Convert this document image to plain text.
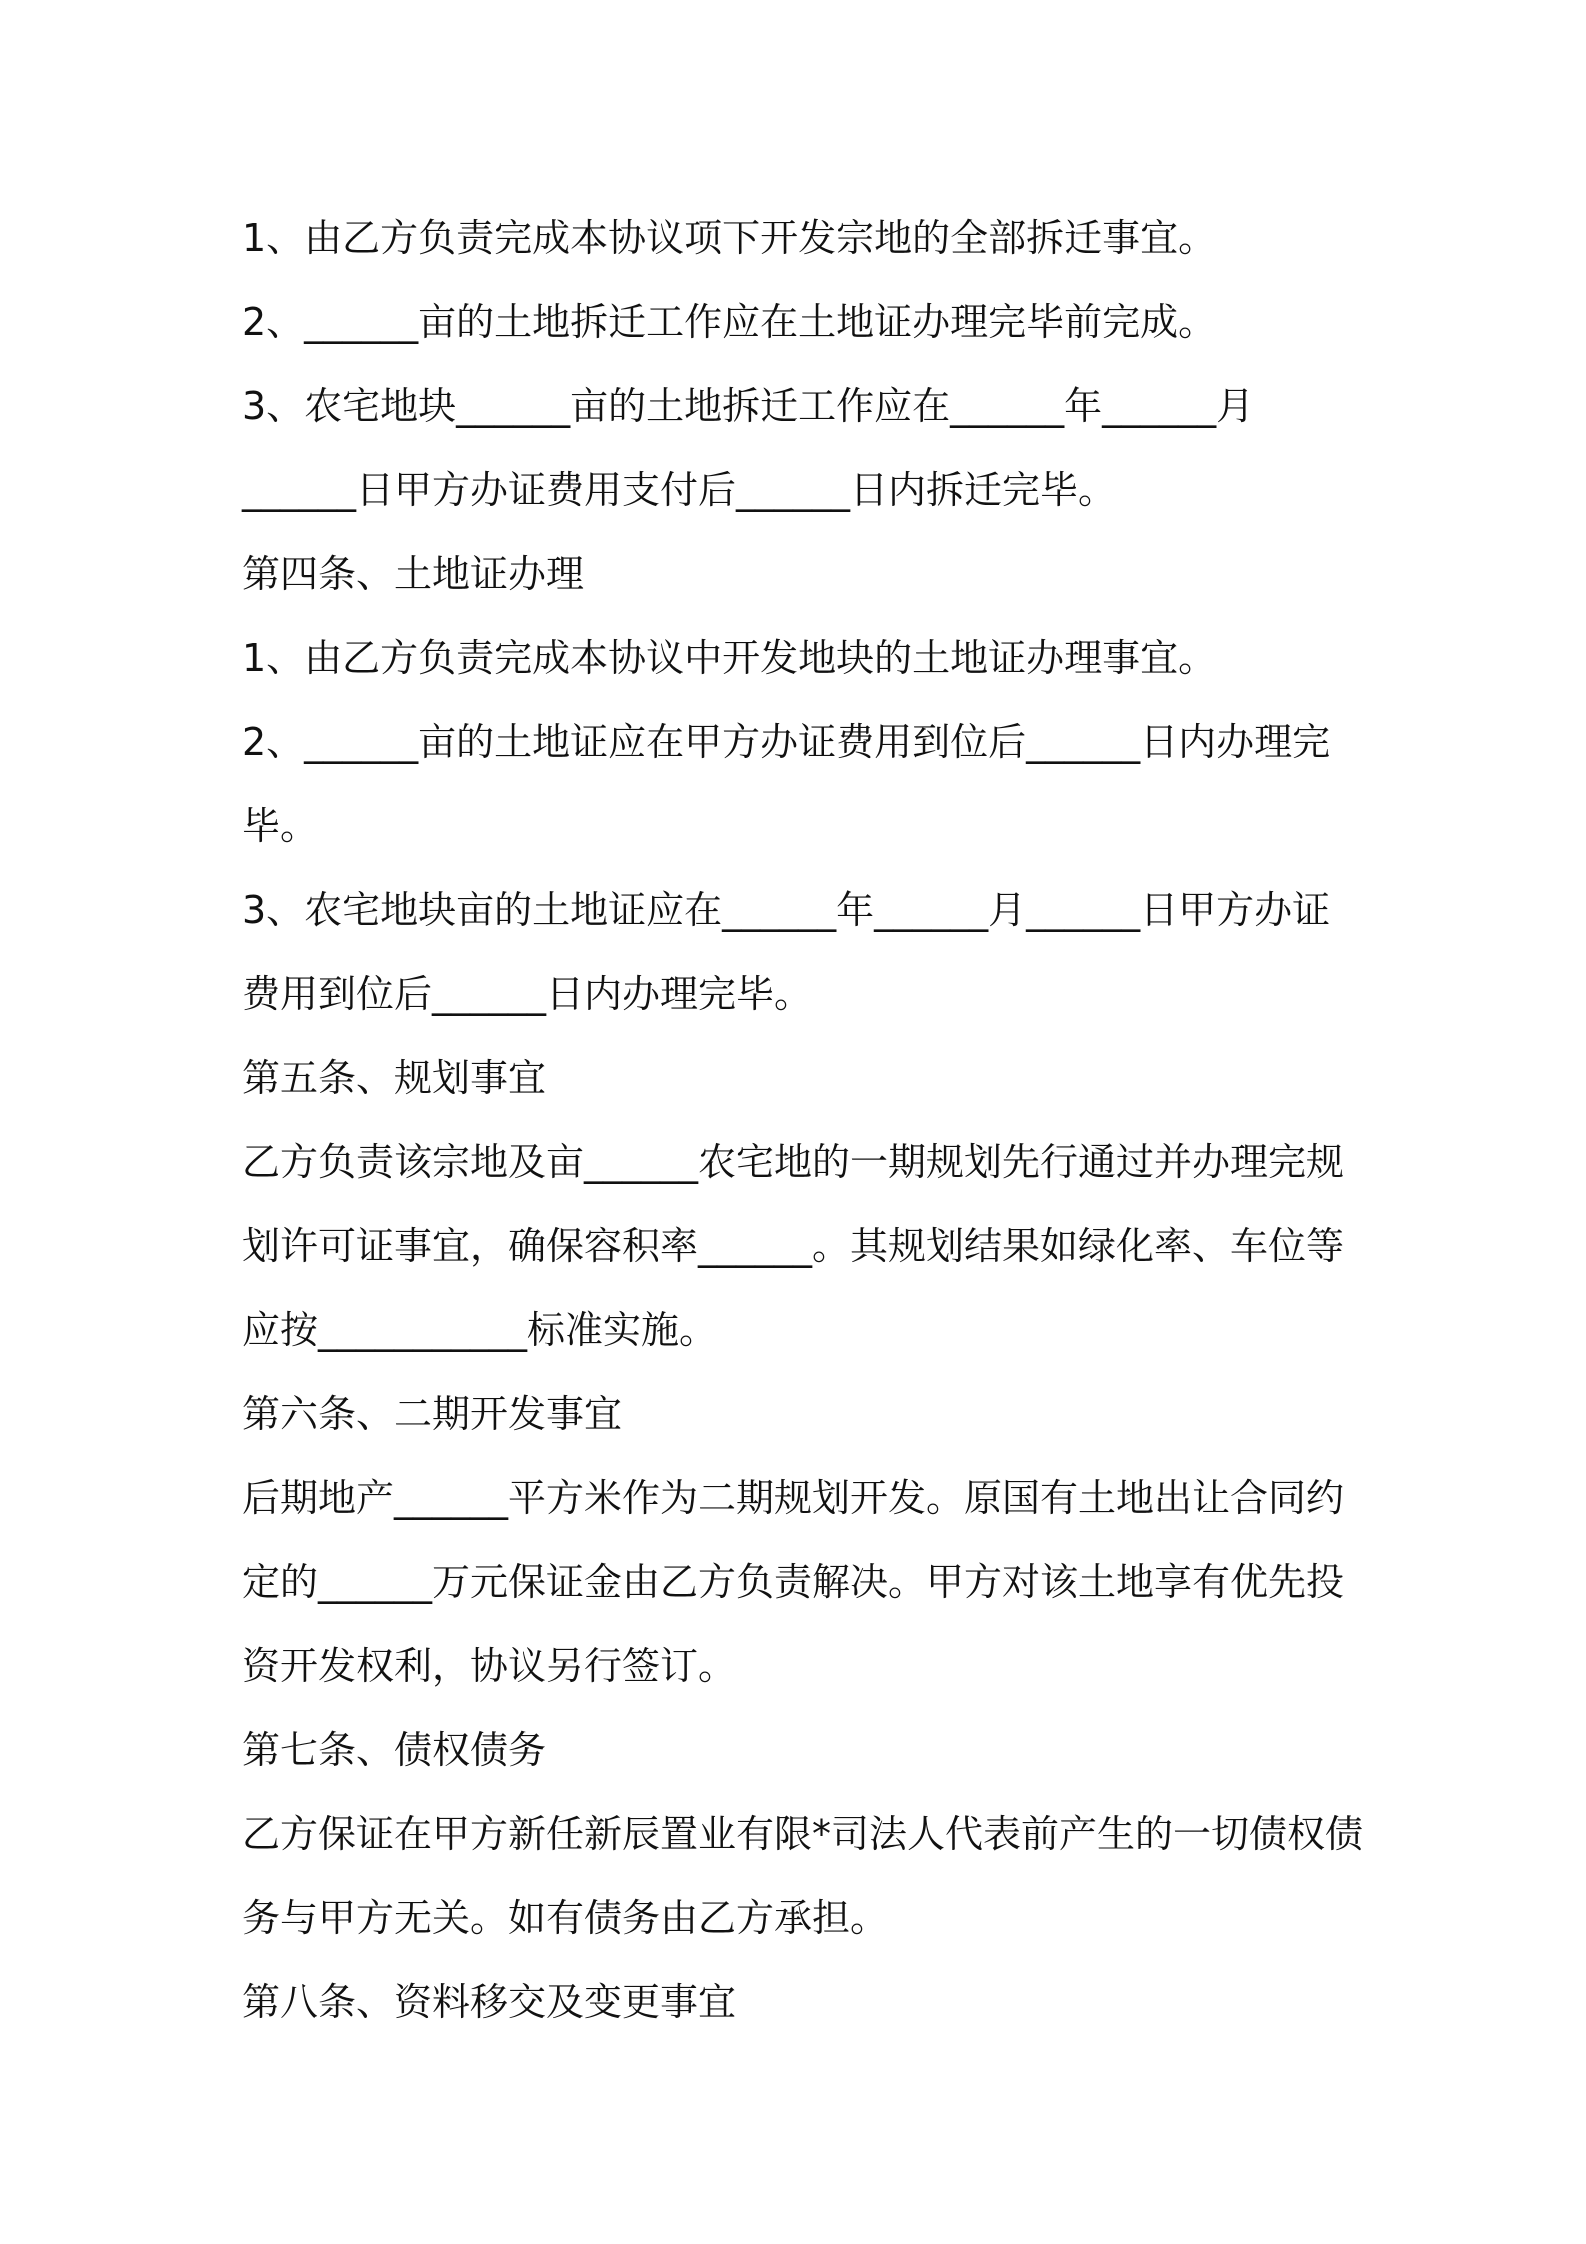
1、由乙方负责完成本协议项下开发宗地的全部拆迁事宜。
2、______亩的土地拆迁工作应在土地证办理完毕前完成。
3、农宅地块______亩的土地拆迁工作应在______年______月
______日甲方办证费用支付后______日内拆迁完毕。
第四条、土地证办理
1、由乙方负责完成本协议中开发地块的土地证办理事宜。
2、______亩的土地证应在甲方办证费用到位后______日内办理完
毕。
3、农宅地块亩的土地证应在______年______月______日甲方办证
费用到位后______日内办理完毕。
第五条、规划事宜
乙方负责该宗地及亩______农宅地的一期规划先行通过并办理完规
划许可证事宜，确保容积率______。其规划结果如绿化率、车位等
应按___________标准实施。
第六条、二期开发事宜
后期地产______平方米作为二期规划开发。原国有土地出让合同约
定的______万元保证金由乙方负责解决。甲方对该土地享有优先投
资开发权利，协议另行签订。
第七条、债权债务
乙方保证在甲方新任新辰置业有限*司法人代表前产生的一切债权债
务与甲方无关。如有债务由乙方承担。
第八条、资料移交及变更事宜
